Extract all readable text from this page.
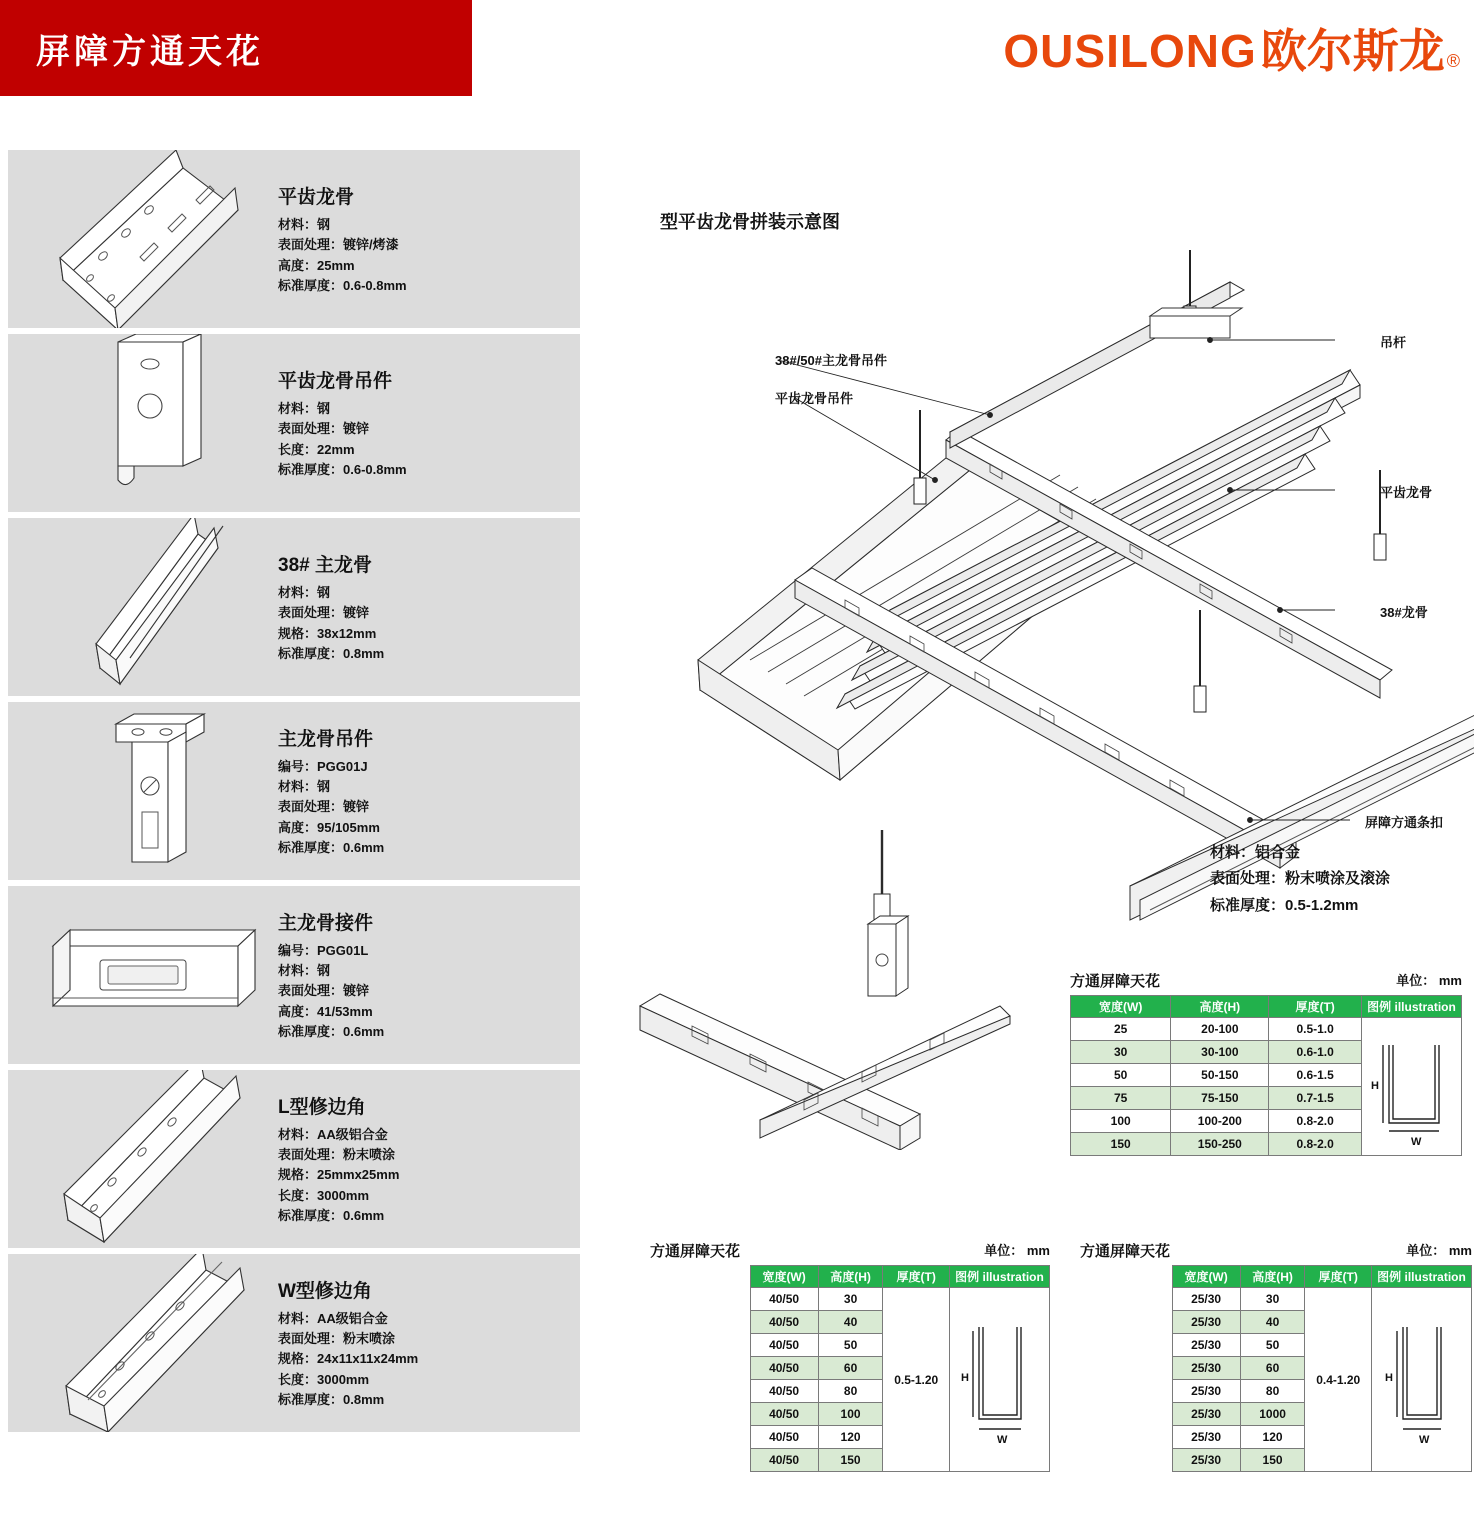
屏障方通天花	OUSILONG 欧尔斯龙 ®
平齿龙骨
材料：钢
表面处理：镀锌/烤漆
高度：25mm
标准厚度：0.6-0.8mm
平齿龙骨吊件
材料：钢
表面处理：镀锌
长度：22mm
标准厚度：0.6-0.8mm
38# 主龙骨
材料：钢
表面处理：镀锌
规格：38x12mm
标准厚度：0.8mm
主龙骨吊件
编号：PGG01J
材料：钢
表面处理：镀锌
高度：95/105mm
标准厚度：0.6mm
主龙骨接件
编号：PGG01L
材料：钢
表面处理：镀锌
高度：41/53mm
标准厚度：0.6mm
L型修边角
材料：AA级铝合金
表面处理：粉末喷涂
规格：25mmx25mm
长度：3000mm
标准厚度：0.6mm
W型修边角
材料：AA级铝合金
表面处理：粉末喷涂
规格：24x11x11x24mm
长度：3000mm
标准厚度：0.8mm
型平齿龙骨拼装示意图
吊杆
38#/50#主龙骨吊件
平齿龙骨吊件
平齿龙骨
38#龙骨
屏障方通条扣
材料：铝合金
表面处理：粉末喷涂及滚涂
标准厚度：0.5-1.2mm
方通屏障天花	单位： mm
宽度(W)	高度(H)	厚度(T)	图例 illustration
25	20-100	0.5-1.0	H
W

30	30-100	0.6-1.0	
50	50-150	0.6-1.5	
75	75-150	0.7-1.5	
100	100-200	0.8-2.0	
150	150-250	0.8-2.0	
方通屏障天花	单位： mm
	宽度(W)	高度(H)	厚度(T)	图例 illustration
	40/50	30	0.5-1.20	H
W

	40/50	40		
	40/50	50		
	40/50	60		
	40/50	80		
	40/50	100		
	40/50	120		
	40/50	150		
方通屏障天花	单位： mm
	宽度(W)	高度(H)	厚度(T)	图例 illustration
	25/30	30	0.4-1.20	H
W

	25/30	40		
	25/30	50		
	25/30	60		
	25/30	80		
	25/30	1000		
	25/30	120		
	25/30	150		
